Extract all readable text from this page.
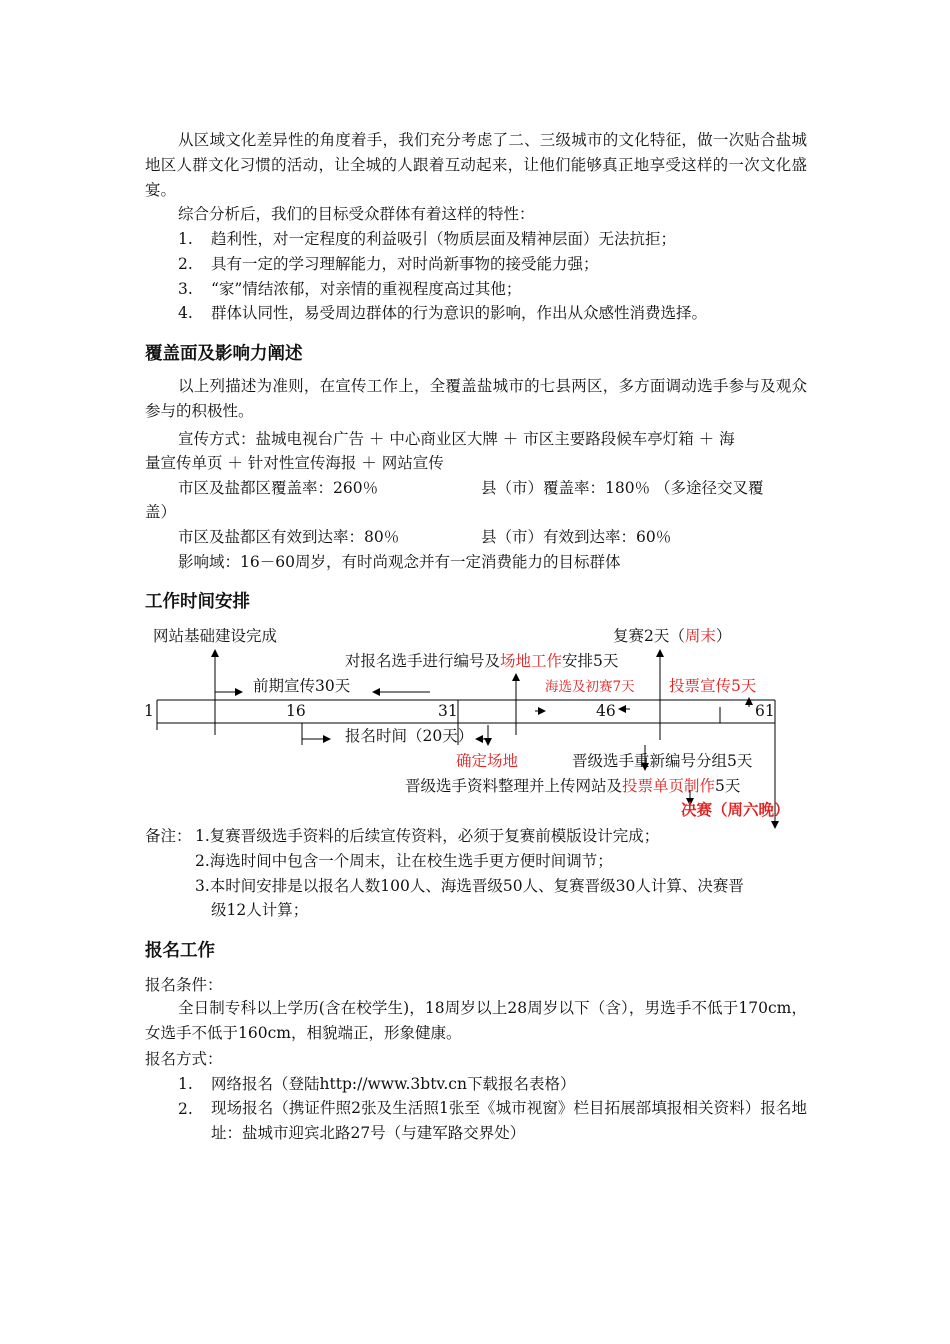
从区域文化差异性的角度着手，我们充分考虑了二、三级城市的文化特征，做一次贴合盐城地区人群文化习惯的活动，让全城的人跟着互动起来，让他们能够真正地享受这样的一次文化盛宴。
综合分析后，我们的目标受众群体有着这样的特性：
1. 趋利性，对一定程度的利益吸引（物质层面及精神层面）无法抗拒；
2. 具有一定的学习理解能力，对时尚新事物的接受能力强；
3. “家”情结浓郁，对亲情的重视程度高过其他；
4. 群体认同性，易受周边群体的行为意识的影响，作出从众感性消费选择。
覆盖面及影响力阐述
以上列描述为准则，在宣传工作上，全覆盖盐城市的七县两区，多方面调动选手参与及观众参与的积极性。
宣传方式：盐城电视台广告 ＋ 中心商业区大牌 ＋ 市区主要路段候车亭灯箱 ＋ 海
量宣传单页 ＋ 针对性宣传海报 ＋ 网站宣传
市区及盐都区覆盖率：260％	县（市）覆盖率：180％ （多途径交叉覆
盖）
市区及盐都区有效到达率：80％	县（市）有效到达率：60％
影响域：16－60周岁，有时尚观念并有一定消费能力的目标群体
工作时间安排
网站基础建设完成	复赛2天（周末）
对报名选手进行编号及场地工作安排5天
前期宣传30天	海选及初赛7天 投票宣传5天
1	16	31	46	61
报名时间（20天）
确定场地	晋级选手重新编号分组5天
晋级选手资料整理并上传网站及投票单页制作5天
决赛（周六晚）
备注： 1.复赛晋级选手资料的后续宣传资料，必须于复赛前模版设计完成；
2.海选时间中包含一个周末，让在校生选手更方便时间调节；
3.本时间安排是以报名人数100人、海选晋级50人、复赛晋级30人计算、决赛晋
级12人计算；
报名工作
报名条件：
全日制专科以上学历(含在校学生)，18周岁以上28周岁以下（含），男选手不低于170cm，女选手不低于160cm，相貌端正，形象健康。
报名方式：
1. 网络报名（登陆http://www.3btv.cn下载报名表格）
2. 现场报名（携证件照2张及生活照1张至《城市视窗》栏目拓展部填报相关资料）报名地址：盐城市迎宾北路27号（与建军路交界处）
